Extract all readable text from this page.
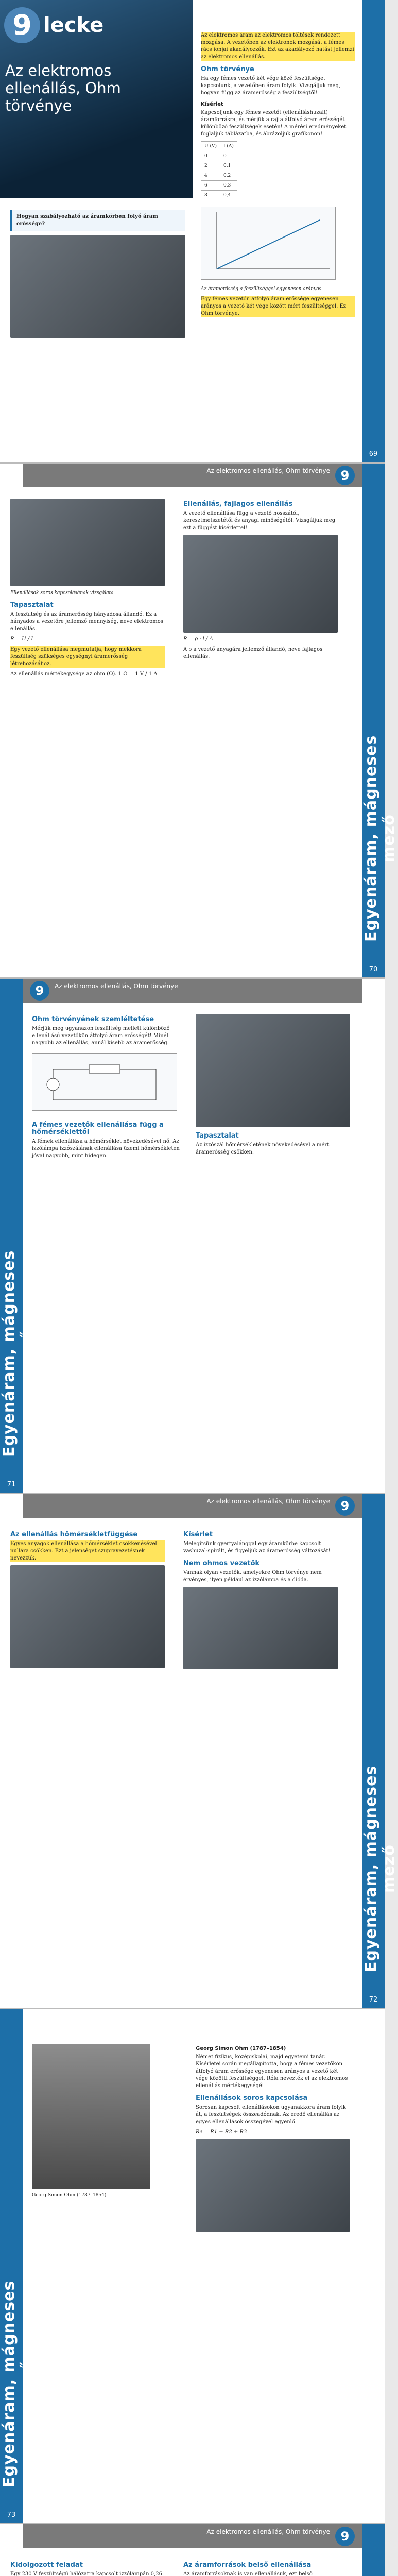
9 lecke
Az elektromos ellenállás, Ohm törvénye
Hogyan szabályozható az áramkörben folyó áram erőssége?

Az elektromos áram az elektromos töltések rendezett mozgása. A vezetőben az elektronok mozgását a fémes rács ionjai akadályozzák. Ezt az akadályozó hatást jellemzi az elektromos ellenállás.

Ohm törvénye

Ha egy fémes vezető két vége közé feszültséget kapcsolunk, a vezetőben áram folyik. Vizsgáljuk meg, hogyan függ az áramerősség a feszültségtől!

Kísérlet

Kapcsoljunk egy fémes vezetőt (ellenálláshuzalt) áramforrásra, és mérjük a rajta átfolyó áram erősségét különböző feszültségek esetén! A mérési eredményeket foglaljuk táblázatba, és ábrázoljuk grafikonon!

U (V)	I (A)
0	0
2	0,1
4	0,2
6	0,3
8	0,4

Az áramerősség a feszültséggel egyenesen arányos

Egy fémes vezetőn átfolyó áram erőssége egyenesen arányos a vezető két vége között mért feszültséggel. Ez Ohm törvénye.

69
9
Az elektromos ellenállás, Ohm törvénye

Ellenállások soros kapcsolásának vizsgálata

Tapasztalat

A feszültség és az áramerősség hányadosa állandó. Ez a hányados a vezetőre jellemző mennyiség, neve elektromos ellenállás.

R = U / I

Egy vezető ellenállása megmutatja, hogy mekkora feszültség szükséges egységnyi áramerősség létrehozásához.

Az ellenállás mértékegysége az ohm (Ω). 1 Ω = 1 V / 1 A

Ellenállás, fajlagos ellenállás

A vezető ellenállása függ a vezető hosszától, keresztmetszetétől és anyagi minőségétől. Vizsgáljuk meg ezt a függést kísérlettel!

R = ρ · l / A

A ρ a vezető anyagára jellemző állandó, neve fajlagos ellenállás.

Egyenáram, mágneses mező
70
Egyenáram, mágneses mező
71
9	Az elektromos ellenállás, Ohm törvénye
Ohm törvényének szemléltetése

Mérjük meg ugyanazon feszültség mellett különböző ellenállású vezetőkön átfolyó áram erősségét! Minél nagyobb az ellenállás, annál kisebb az áramerősség.

A fémes vezetők ellenállása függ a hőmérséklettől

A fémek ellenállása a hőmérséklet növekedésével nő. Az izzólámpa izzószálának ellenállása üzemi hőmérsékleten jóval nagyobb, mint hidegen.

Tapasztalat

Az izzószál hőmérsékletének növekedésével a mért áramerősség csökken.

9
Az elektromos ellenállás, Ohm törvénye
Az ellenállás hőmérsékletfüggése

Egyes anyagok ellenállása a hőmérséklet csökkenésével nullára csökken. Ezt a jelenséget szupravezetésnek nevezzük.

Kísérlet

Melegítsünk gyertyalánggal egy áramkörbe kapcsolt vashuzal-spirált, és figyeljük az áramerősség változását!

Nem ohmos vezetők

Vannak olyan vezetők, amelyekre Ohm törvénye nem érvényes, ilyen például az izzólámpa és a dióda.

Egyenáram, mágneses mező
72
Egyenáram, mágneses mező
73

Georg Simon Ohm (1787–1854)

Georg Simon Ohm (1787–1854)

Német fizikus, középiskolai, majd egyetemi tanár. Kísérletei során megállapította, hogy a fémes vezetőkön átfolyó áram erőssége egyenesen arányos a vezető két vége közötti feszültséggel. Róla nevezték el az elektromos ellenállás mértékegységét.

Ellenállások soros kapcsolása

Sorosan kapcsolt ellenállásokon ugyanakkora áram folyik át, a feszültségek összeadódnak. Az eredő ellenállás az egyes ellenállások összegével egyenlő.

Re = R1 + R2 + R3

9
Az elektromos ellenállás, Ohm törvénye
Kidolgozott feladat

Egy 230 V feszültségű hálózatra kapcsolt izzólámpán 0,26

Az áramforrások belső ellenállása

Az áramforrásoknak is van ellenállásuk, ezt belső
